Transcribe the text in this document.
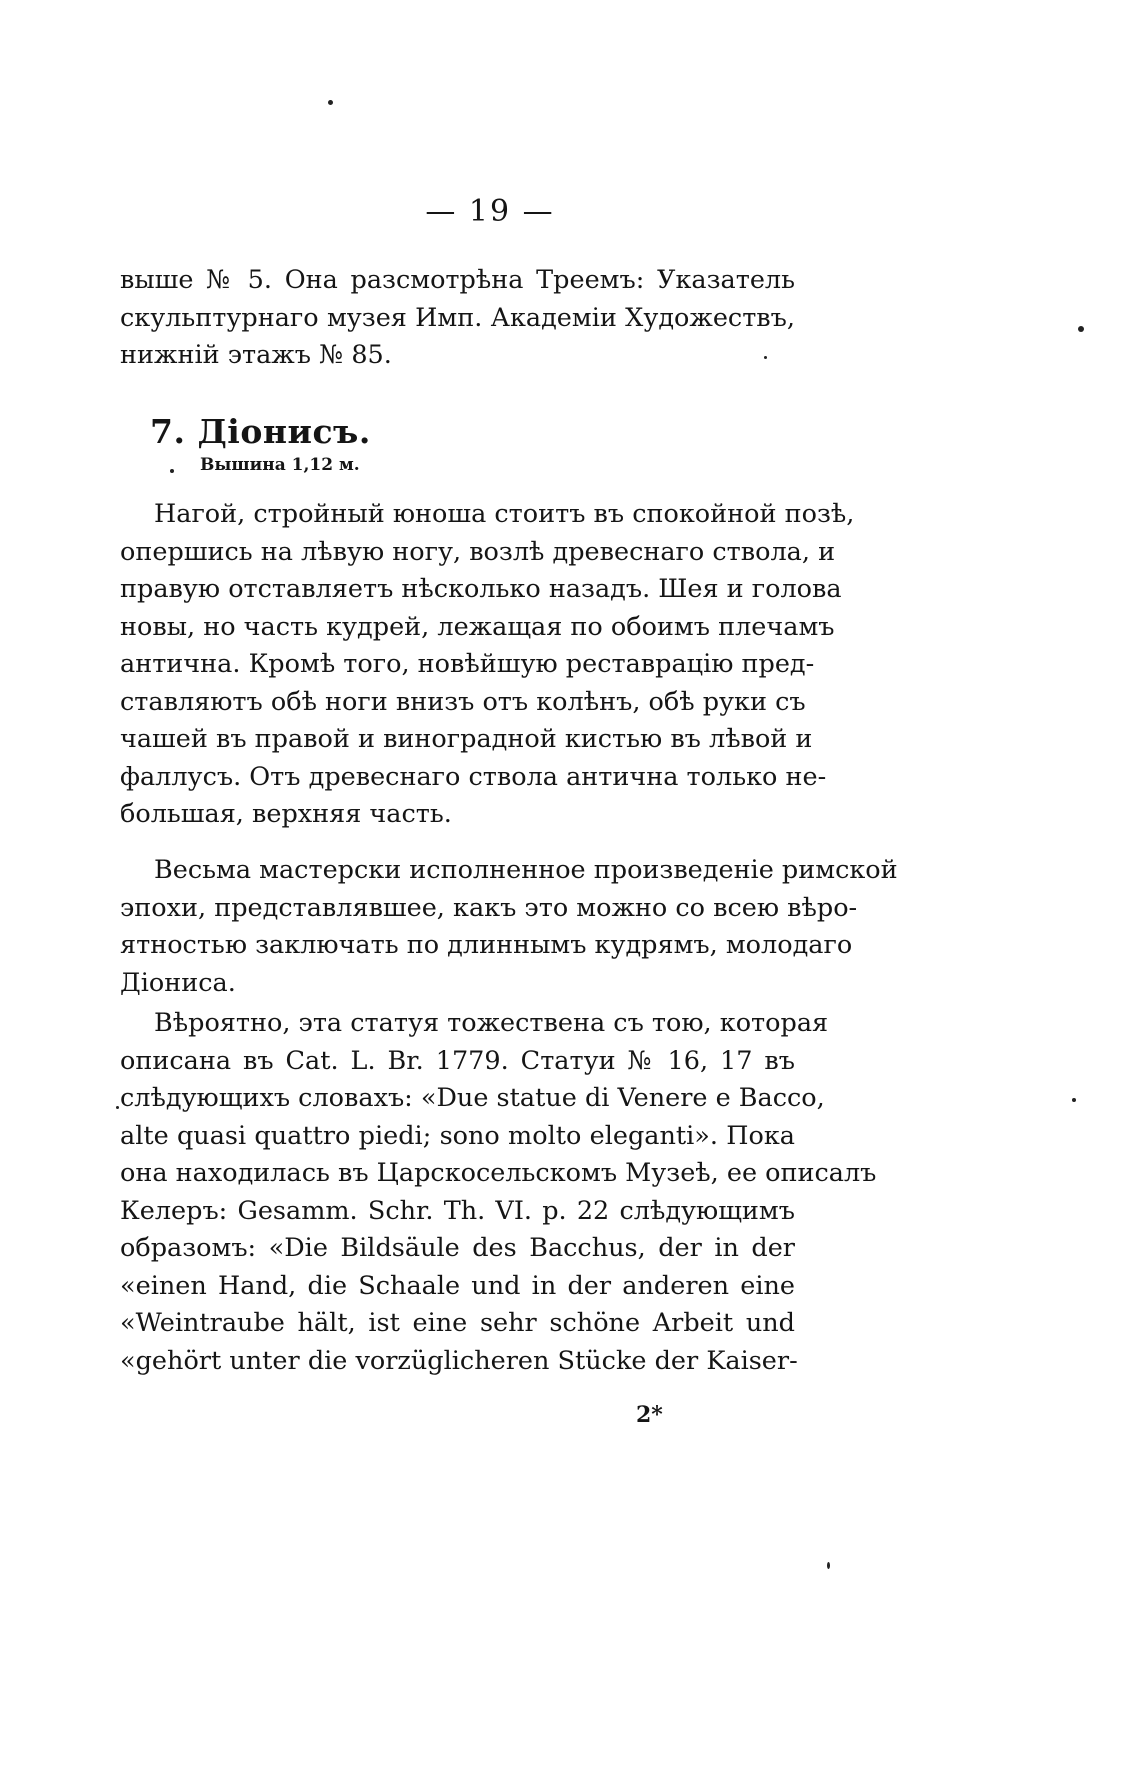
— 19 —
выше № 5. Она разсмотрѣна Треемъ: Указатель
скульптурнаго музея Имп. Академіи Художествъ,
нижній этажъ № 85.
7. Діонисъ.
Вышина 1,12 м.
Нагой, стройный юноша стоитъ въ спокойной позѣ,
опершись на лѣвую ногу, возлѣ древеснаго ствола, и
правую отставляетъ нѣсколько назадъ. Шея и голова
новы, но часть кудрей, лежащая по обоимъ плечамъ
антична. Кромѣ того, новѣйшую реставрацію пред-
ставляютъ обѣ ноги внизъ отъ колѣнъ, обѣ руки съ
чашей въ правой и виноградной кистью въ лѣвой и
фаллусъ. Отъ древеснаго ствола антична только не-
большая, верхняя часть.
Весьма мастерски исполненное произведеніе римской
эпохи, представлявшее, какъ это можно со всею вѣро-
ятностью заключать по длиннымъ кудрямъ, молодаго
Діониса.
Вѣроятно, эта статуя тожествена съ тою, которая
описана въ Cat. L. Br. 1779. Статуи № 16, 17 въ
слѣдующихъ словахъ: «Due statue di Venere e Bacco,
alte quasi quattro piedi; sono molto eleganti». Пока
она находилась въ Царскосельскомъ Музеѣ, ее описалъ
Келеръ: Gesamm. Schr. Th. VI. p. 22 слѣдующимъ
образомъ: «Die Bildsäule des Bacchus, der in der
«einen Hand, die Schaale und in der anderen eine
«Weintraube hält, ist eine sehr schöne Arbeit und
«gehört unter die vorzüglicheren Stücke der Kaiser-
2*
